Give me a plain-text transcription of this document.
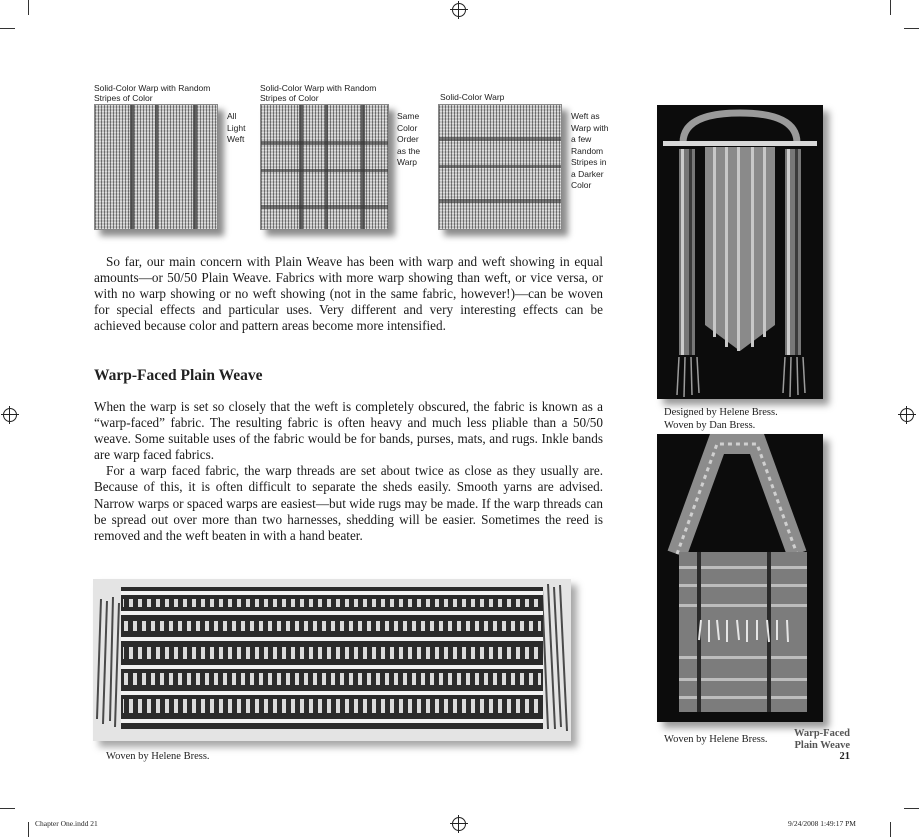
Solid-Color Warp with Random Stripes of Color
All Light Weft
Solid-Color Warp with Random Stripes of Color
Same Color Order as the Warp
Solid-Color Warp
Weft as Warp with a few Random Stripes in a Darker Color

So far, our main concern with Plain Weave has been with warp and weft showing in equal amounts—or 50/50 Plain Weave. Fabrics with more warp showing than weft, or vice versa, or with no warp showing or no weft showing (not in the same fabric, however!)—can be woven for special effects and particular uses. Very different and very interesting effects can be achieved because color and pattern areas become more intensified.

Warp-Faced Plain Weave

When the warp is set so closely that the weft is completely obscured, the fabric is known as a “warp-faced” fabric. The resulting fabric is often heavy and much less pliable than a 50/50 weave. Some suitable uses of the fabric would be for bands, purses, mats, and rugs. Inkle bands are warp faced fabrics.

For a warp faced fabric, the warp threads are set about twice as close as they usually are. Because of this, it is often difficult to separate the sheds easily. Smooth yarns are advised. Narrow warps or spaced warps are easiest—but wide rugs may be made. If the warp threads can be spread out over more than two harnesses, shedding will be easier. Sometimes the reed is removed and the weft beaten in with a hand beater.

Woven by Helene Bress.
Designed by Helene Bress.
Woven by Dan Bress.
Woven by Helene Bress.
Warp-Faced
Plain Weave
21
Chapter One.indd 21	9/24/2008 1:49:17 PM
